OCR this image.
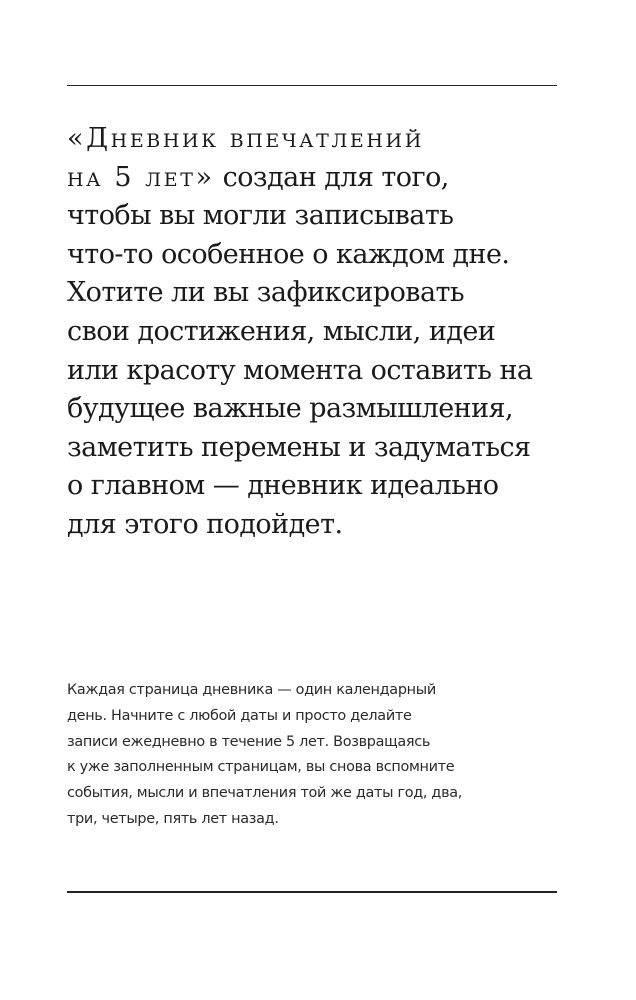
«Дневник впечатлений
на 5 лет» создан для того,
чтобы вы могли записывать
что-то особенное о каждом дне.
Хотите ли вы зафиксировать
свои достижения, мысли, идеи
или красоту момента оставить на
будущее важные размышления,
заметить перемены и задуматься
о главном — дневник идеально
для этого подойдет.

Каждая страница дневника — один календарный
день. Начните с любой даты и просто делайте
записи ежедневно в течение 5 лет. Возвращаясь
к уже заполненным страницам, вы снова вспомните
события, мысли и впечатления той же даты год, два,
три, четыре, пять лет назад.
